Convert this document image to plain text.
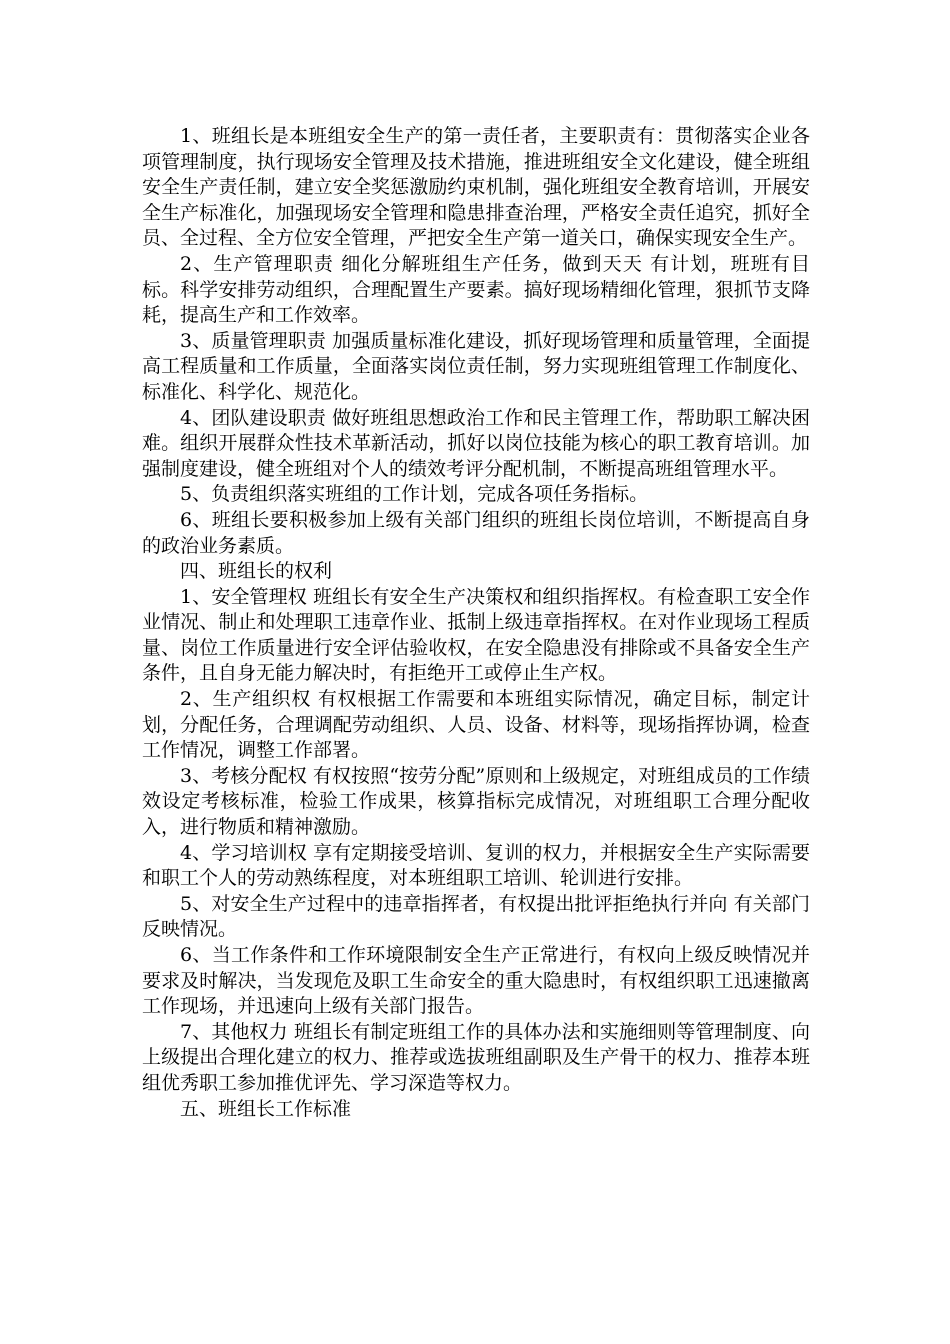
1、班组长是本班组安全生产的第一责任者，主要职责有：贯彻落实企业各项管理制度，执行现场安全管理及技术措施，推进班组安全文化建设，健全班组安全生产责任制，建立安全奖惩激励约束机制，强化班组安全教育培训，开展安全生产标准化，加强现场安全管理和隐患排查治理，严格安全责任追究，抓好全员、全过程、全方位安全管理，严把安全生产第一道关口，确保实现安全生产。

2、生产管理职责 细化分解班组生产任务，做到天天 有计划，班班有目标。科学安排劳动组织，合理配置生产要素。搞好现场精细化管理，狠抓节支降耗，提高生产和工作效率。

3、质量管理职责 加强质量标准化建设，抓好现场管理和质量管理，全面提高工程质量和工作质量，全面落实岗位责任制，努力实现班组管理工作制度化、标准化、科学化、规范化。

4、团队建设职责 做好班组思想政治工作和民主管理工作，帮助职工解决困难。组织开展群众性技术革新活动，抓好以岗位技能为核心的职工教育培训。加强制度建设，健全班组对个人的绩效考评分配机制，不断提高班组管理水平。

5、负责组织落实班组的工作计划，完成各项任务指标。

6、班组长要积极参加上级有关部门组织的班组长岗位培训，不断提高自身的政治业务素质。

四、班组长的权利

1、安全管理权 班组长有安全生产决策权和组织指挥权。有检查职工安全作业情况、制止和处理职工违章作业、抵制上级违章指挥权。在对作业现场工程质量、岗位工作质量进行安全评估验收权，在安全隐患没有排除或不具备安全生产条件，且自身无能力解决时，有拒绝开工或停止生产权。

2、生产组织权 有权根据工作需要和本班组实际情况，确定目标，制定计划，分配任务，合理调配劳动组织、人员、设备、材料等，现场指挥协调，检查工作情况，调整工作部署。

3、考核分配权 有权按照“按劳分配”原则和上级规定，对班组成员的工作绩效设定考核标准，检验工作成果，核算指标完成情况，对班组职工合理分配收入，进行物质和精神激励。

4、学习培训权 享有定期接受培训、复训的权力，并根据安全生产实际需要和职工个人的劳动熟练程度，对本班组职工培训、轮训进行安排。

5、对安全生产过程中的违章指挥者，有权提出批评拒绝执行并向 有关部门反映情况。

6、当工作条件和工作环境限制安全生产正常进行，有权向上级反映情况并要求及时解决，当发现危及职工生命安全的重大隐患时，有权组织职工迅速撤离工作现场，并迅速向上级有关部门报告。

7、其他权力 班组长有制定班组工作的具体办法和实施细则等管理制度、向上级提出合理化建立的权力、推荐或选拔班组副职及生产骨干的权力、推荐本班组优秀职工参加推优评先、学习深造等权力。

五、班组长工作标准
